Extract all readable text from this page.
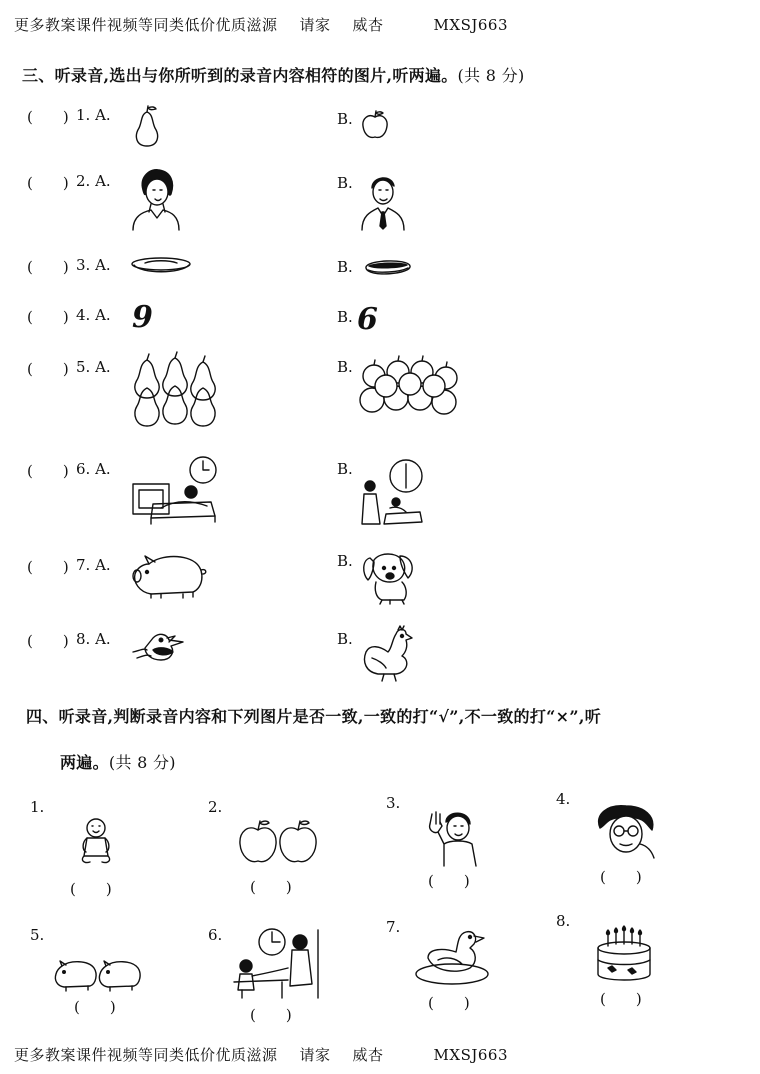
更多教案课件视频等同类低价优质滋源 请家 威杏	MXSJ663
三、听录音,选出与你所听到的录音内容相符的图片,听两遍。(共 8 分)
(　　) 1. A.	B.
(　　) 2. A.	B.
(　　) 3. A.	B.
(　　) 4. A. 9	B. 6
(　　) 5. A.	B.
(　　) 6. A.	B.
(　　) 7. A.	B.
(　　) 8. A.	B.
四、听录音,判断录音内容和下列图片是否一致,一致的打“√”,不一致的打“×”,听
两遍。(共 8 分)
1.
(　　)
2.
(　　)
3.
(　　)
4.
(　　)
5.
(　　)
6.
(　　)
7.
(　　)
8.
(　　)
更多教案课件视频等同类低价优质滋源 请家 威杏	MXSJ663
